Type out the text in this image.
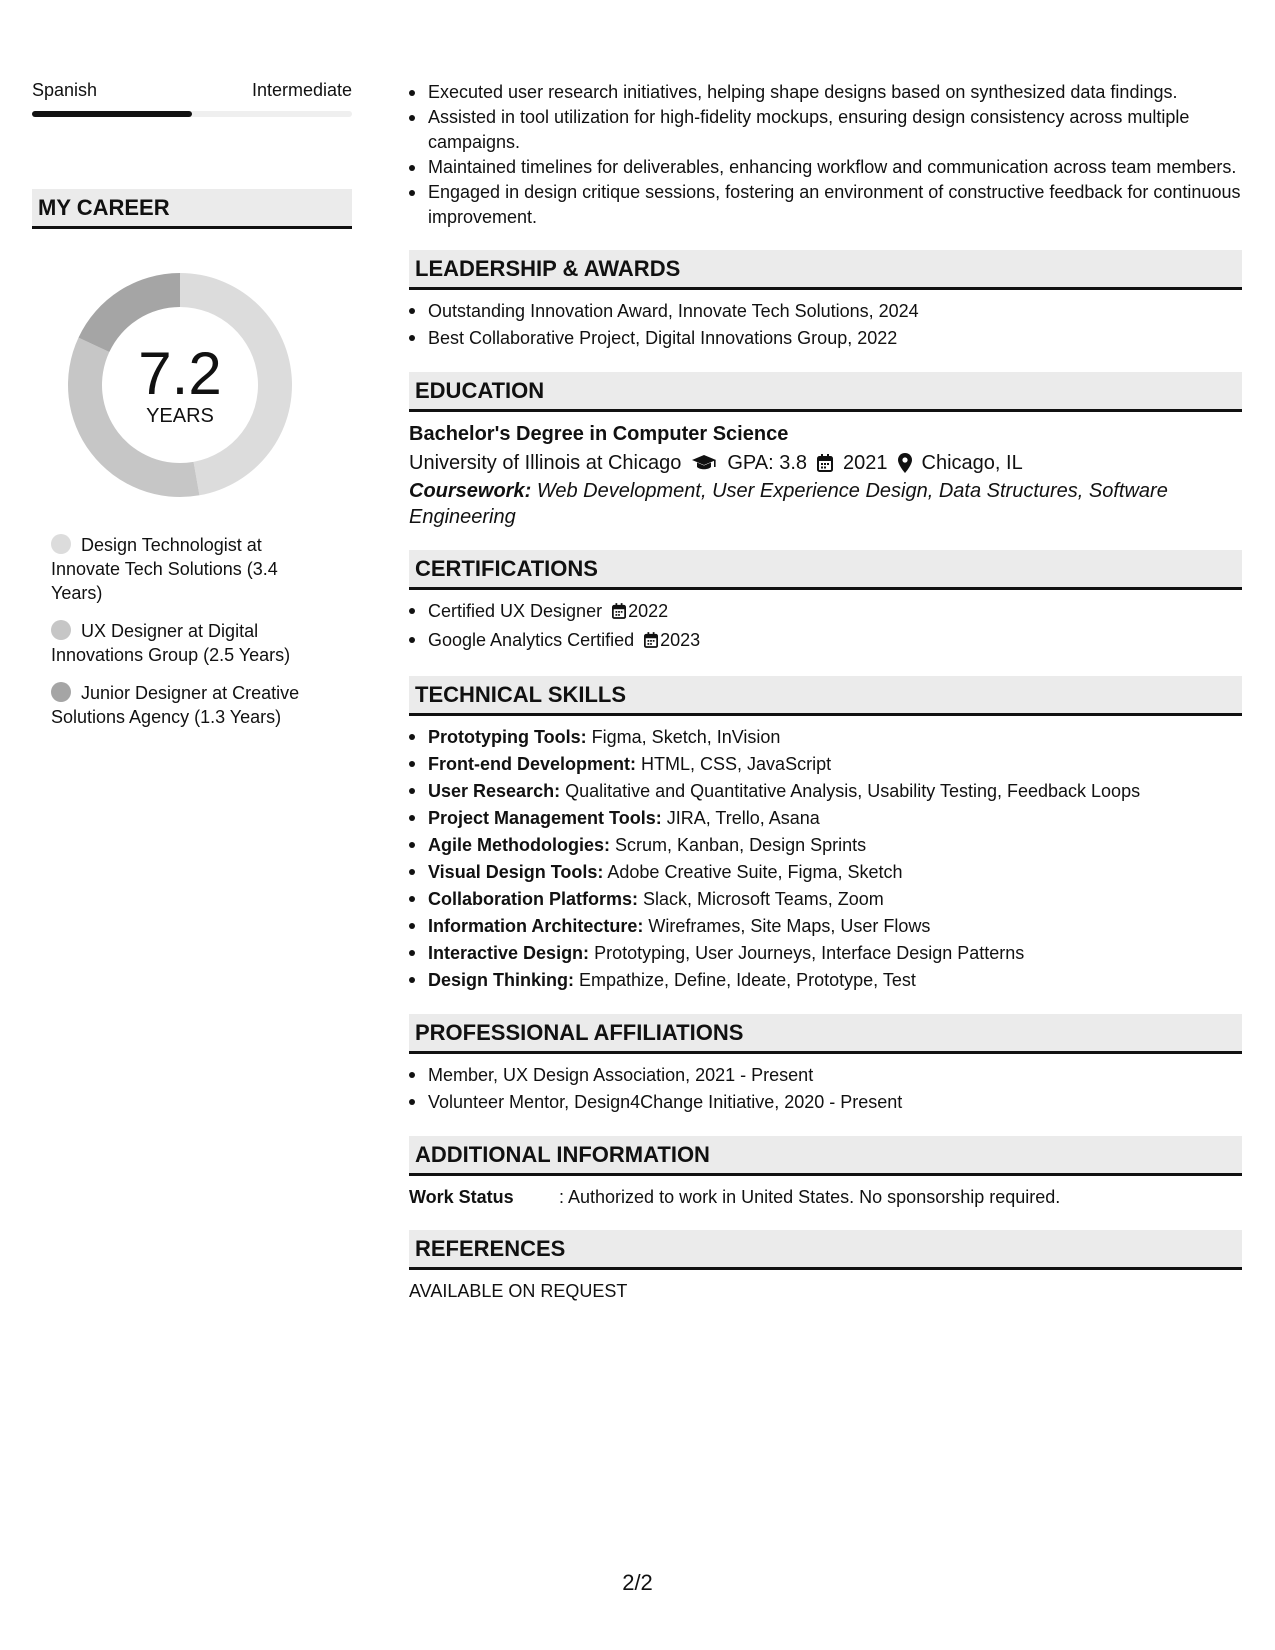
Spanish	Intermediate
MY CAREER
7.2
YEARS
Design Technologist at Innovate Tech Solutions (3.4 Years)
UX Designer at Digital Innovations Group (2.5 Years)
Junior Designer at Creative Solutions Agency (1.3 Years)
Executed user research initiatives, helping shape designs based on synthesized data findings.
Assisted in tool utilization for high-fidelity mockups, ensuring design consistency across multiple campaigns.
Maintained timelines for deliverables, enhancing workflow and communication across team members.
Engaged in design critique sessions, fostering an environment of constructive feedback for continuous improvement.
LEADERSHIP & AWARDS
Outstanding Innovation Award, Innovate Tech Solutions, 2024
Best Collaborative Project, Digital Innovations Group, 2022
EDUCATION
Bachelor's Degree in Computer Science
University of Illinois at Chicago GPA: 3.8 2021 Chicago, IL
Coursework: Web Development, User Experience Design, Data Structures, Software Engineering
CERTIFICATIONS
Certified UX Designer 2022
Google Analytics Certified 2023
TECHNICAL SKILLS
Prototyping Tools: Figma, Sketch, InVision
Front-end Development: HTML, CSS, JavaScript
User Research: Qualitative and Quantitative Analysis, Usability Testing, Feedback Loops
Project Management Tools: JIRA, Trello, Asana
Agile Methodologies: Scrum, Kanban, Design Sprints
Visual Design Tools: Adobe Creative Suite, Figma, Sketch
Collaboration Platforms: Slack, Microsoft Teams, Zoom
Information Architecture: Wireframes, Site Maps, User Flows
Interactive Design: Prototyping, User Journeys, Interface Design Patterns
Design Thinking: Empathize, Define, Ideate, Prototype, Test
PROFESSIONAL AFFILIATIONS
Member, UX Design Association, 2021 - Present
Volunteer Mentor, Design4Change Initiative, 2020 - Present
ADDITIONAL INFORMATION
Work Status	: Authorized to work in United States. No sponsorship required.
REFERENCES
AVAILABLE ON REQUEST
2/2
